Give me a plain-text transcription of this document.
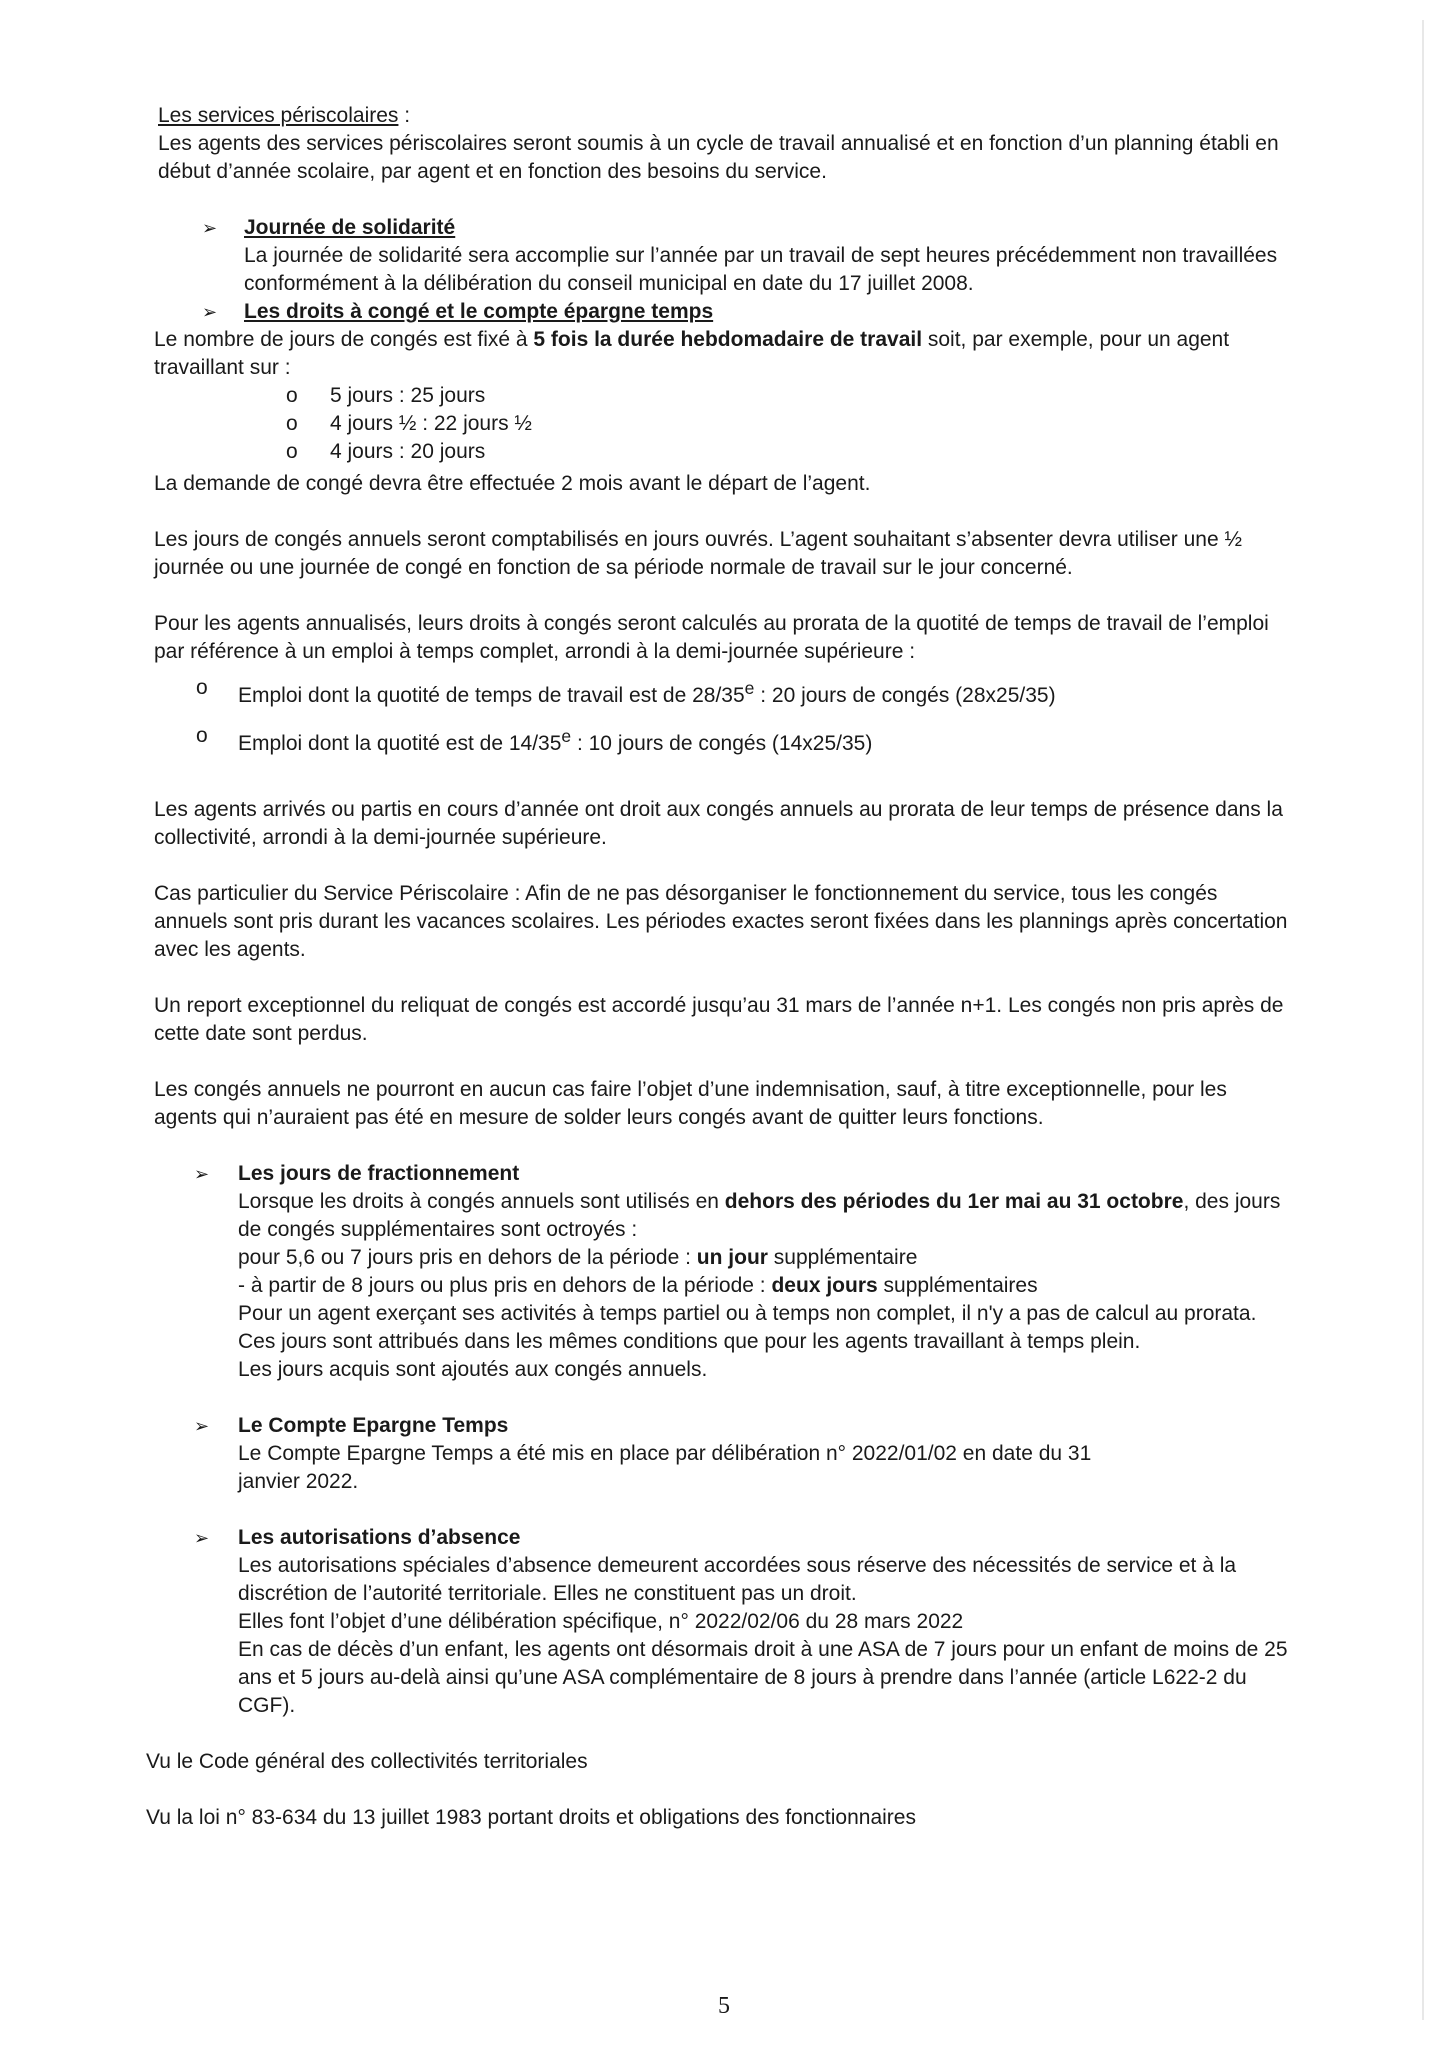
Les services périscolaires :

Les agents des services périscolaires seront soumis à un cycle de travail annualisé et en fonction d’un planning établi en début d’année scolaire, par agent et en fonction des besoins du service.

➢ Journée de solidarité

La journée de solidarité sera accomplie sur l’année par un travail de sept heures précédemment non travaillées conformément à la délibération du conseil municipal en date du 17 juillet 2008.

➢ Les droits à congé et le compte épargne temps

Le nombre de jours de congés est fixé à 5 fois la durée hebdomadaire de travail soit, par exemple, pour un agent travaillant sur :

o 5 jours : 25 jours
o 4 jours ½ : 22 jours ½
o 4 jours : 20 jours

La demande de congé devra être effectuée 2 mois avant le départ de l’agent.

Les jours de congés annuels seront comptabilisés en jours ouvrés. L’agent souhaitant s’absenter devra utiliser une ½ journée ou une journée de congé en fonction de sa période normale de travail sur le jour concerné.

Pour les agents annualisés, leurs droits à congés seront calculés au prorata de la quotité de temps de travail de l’emploi par référence à un emploi à temps complet, arrondi à la demi-journée supérieure :

o Emploi dont la quotité de temps de travail est de 28/35e : 20 jours de congés (28x25/35)
o Emploi dont la quotité est de 14/35e : 10 jours de congés (14x25/35)

Les agents arrivés ou partis en cours d’année ont droit aux congés annuels au prorata de leur temps de présence dans la collectivité, arrondi à la demi-journée supérieure.

Cas particulier du Service Périscolaire : Afin de ne pas désorganiser le fonctionnement du service, tous les congés annuels sont pris durant les vacances scolaires. Les périodes exactes seront fixées dans les plannings après concertation avec les agents.

Un report exceptionnel du reliquat de congés est accordé jusqu’au 31 mars de l’année n+1. Les congés non pris après de cette date sont perdus.

Les congés annuels ne pourront en aucun cas faire l’objet d’une indemnisation, sauf, à titre exceptionnelle, pour les agents qui n’auraient pas été en mesure de solder leurs congés avant de quitter leurs fonctions.

➢ Les jours de fractionnement

Lorsque les droits à congés annuels sont utilisés en dehors des périodes du 1er mai au 31 octobre, des jours de congés supplémentaires sont octroyés :

pour 5,6 ou 7 jours pris en dehors de la période : un jour supplémentaire

- à partir de 8 jours ou plus pris en dehors de la période : deux jours supplémentaires

Pour un agent exerçant ses activités à temps partiel ou à temps non complet, il n'y a pas de calcul au prorata. Ces jours sont attribués dans les mêmes conditions que pour les agents travaillant à temps plein.

Les jours acquis sont ajoutés aux congés annuels.

➢ Le Compte Epargne Temps

Le Compte Epargne Temps a été mis en place par délibération n° 2022/01/02 en date du 31 janvier 2022.

➢ Les autorisations d’absence

Les autorisations spéciales d’absence demeurent accordées sous réserve des nécessités de service et à la discrétion de l’autorité territoriale. Elles ne constituent pas un droit.

Elles font l’objet d’une délibération spécifique, n° 2022/02/06 du 28 mars 2022

En cas de décès d’un enfant, les agents ont désormais droit à une ASA de 7 jours pour un enfant de moins de 25 ans et 5 jours au-delà ainsi qu’une ASA complémentaire de 8 jours à prendre dans l’année (article L622-2 du CGF).

Vu le Code général des collectivités territoriales

Vu la loi n° 83-634 du 13 juillet 1983 portant droits et obligations des fonctionnaires

5
